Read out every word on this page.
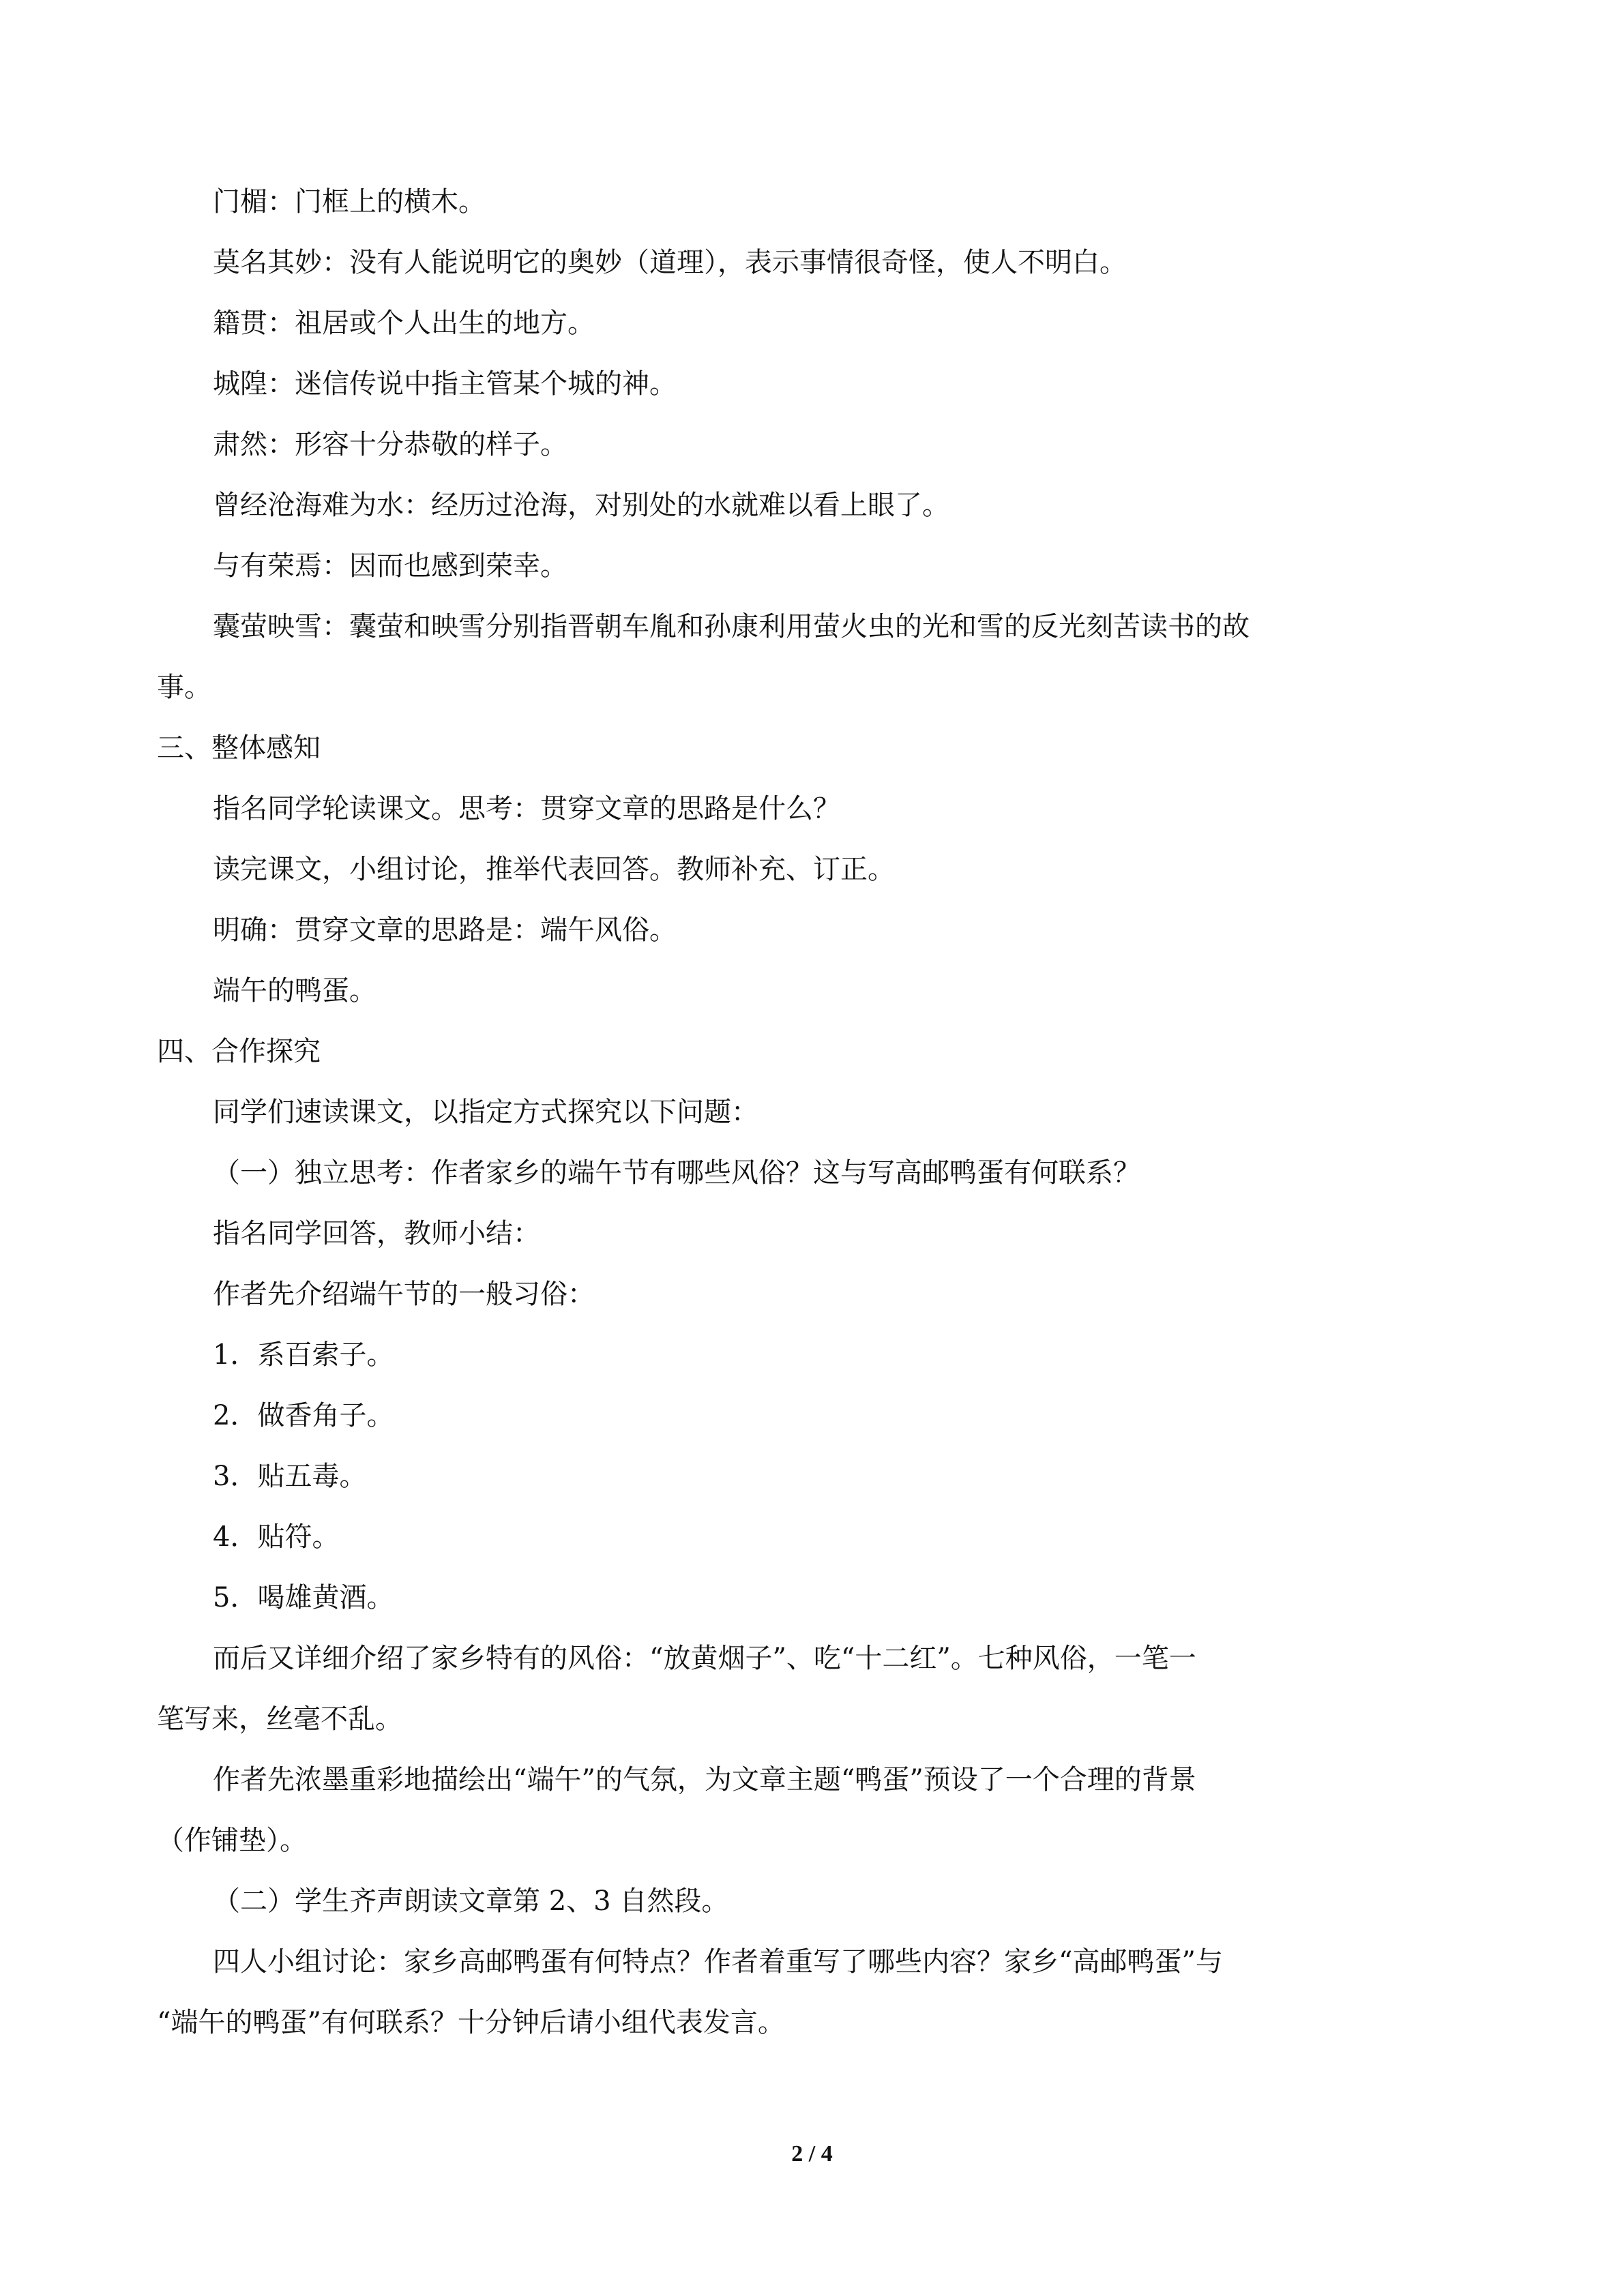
门楣：门框上的横木。
莫名其妙：没有人能说明它的奥妙（道理），表示事情很奇怪，使人不明白。
籍贯：祖居或个人出生的地方。
城隍：迷信传说中指主管某个城的神。
肃然：形容十分恭敬的样子。
曾经沧海难为水：经历过沧海，对别处的水就难以看上眼了。
与有荣焉：因而也感到荣幸。
囊萤映雪：囊萤和映雪分别指晋朝车胤和孙康利用萤火虫的光和雪的反光刻苦读书的故
事。
三、整体感知
指名同学轮读课文。思考：贯穿文章的思路是什么？
读完课文，小组讨论，推举代表回答。教师补充、订正。
明确：贯穿文章的思路是：端午风俗。
端午的鸭蛋。
四、合作探究
同学们速读课文，以指定方式探究以下问题：
（一）独立思考：作者家乡的端午节有哪些风俗？这与写高邮鸭蛋有何联系？
指名同学回答，教师小结：
作者先介绍端午节的一般习俗：
1．系百索子。
2．做香角子。
3．贴五毒。
4．贴符。
5．喝雄黄酒。
而后又详细介绍了家乡特有的风俗：“放黄烟子”、吃“十二红”。七种风俗，一笔一
笔写来，丝毫不乱。
作者先浓墨重彩地描绘出“端午”的气氛，为文章主题“鸭蛋”预设了一个合理的背景
（作铺垫）。
（二）学生齐声朗读文章第 2、3 自然段。
四人小组讨论：家乡高邮鸭蛋有何特点？作者着重写了哪些内容？家乡“高邮鸭蛋”与
“端午的鸭蛋”有何联系？十分钟后请小组代表发言。
2 / 4
